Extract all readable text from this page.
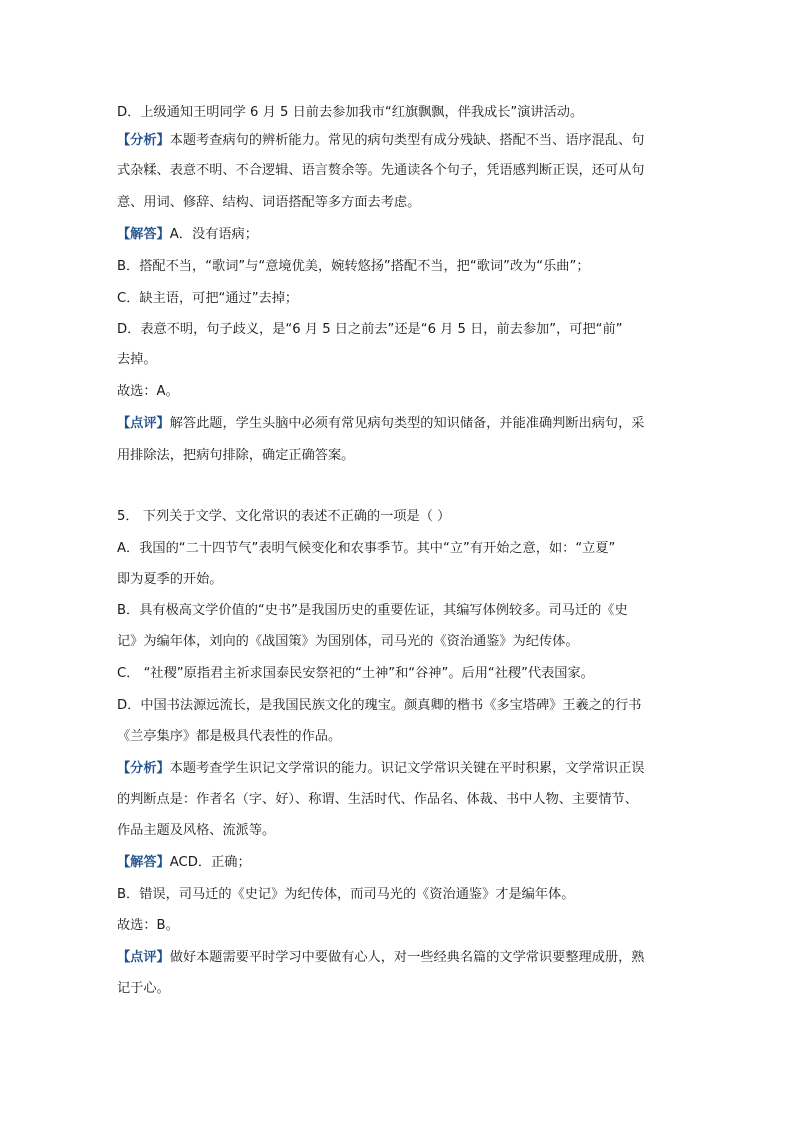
D．上级通知王明同学 6 月 5 日前去参加我市“红旗飘飘，伴我成长”演讲活动。
【分析】本题考查病句的辨析能力。常见的病句类型有成分残缺、搭配不当、语序混乱、句
式杂糅、表意不明、不合逻辑、语言赘余等。先通读各个句子，凭语感判断正误，还可从句
意、用词、修辞、结构、词语搭配等多方面去考虑。
【解答】A．没有语病；
B．搭配不当，“歌词”与“意境优美，婉转悠扬”搭配不当，把“歌词”改为“乐曲”；
C．缺主语，可把“通过”去掉；
D．表意不明，句子歧义，是“6 月 5 日之前去”还是“6 月 5 日，前去参加”，可把“前”
去掉。
故选：A。
【点评】解答此题，学生头脑中必须有常见病句类型的知识储备，并能准确判断出病句，采
用排除法，把病句排除，确定正确答案。
5． 下列关于文学、文化常识的表述不正确的一项是（ ）
A．我国的“二十四节气”表明气候变化和农事季节。其中“立”有开始之意，如：“立夏”
即为夏季的开始。
B．具有极高文学价值的“史书”是我国历史的重要佐证，其编写体例较多。司马迁的《史
记》为编年体，刘向的《战国策》为国别体，司马光的《资治通鉴》为纪传体。
C． “社稷”原指君主祈求国泰民安祭祀的“土神”和“谷神”。后用“社稷”代表国家。
D．中国书法源远流长，是我国民族文化的瑰宝。颜真卿的楷书《多宝塔碑》王羲之的行书
《兰亭集序》都是极具代表性的作品。
【分析】本题考查学生识记文学常识的能力。识记文学常识关键在平时积累，文学常识正误
的判断点是：作者名（字、好）、称谓、生活时代、作品名、体裁、书中人物、主要情节、
作品主题及风格、流派等。
【解答】ACD．正确；
B．错误，司马迁的《史记》为纪传体，而司马光的《资治通鉴》才是编年体。
故选：B。
【点评】做好本题需要平时学习中要做有心人，对一些经典名篇的文学常识要整理成册，熟
记于心。
